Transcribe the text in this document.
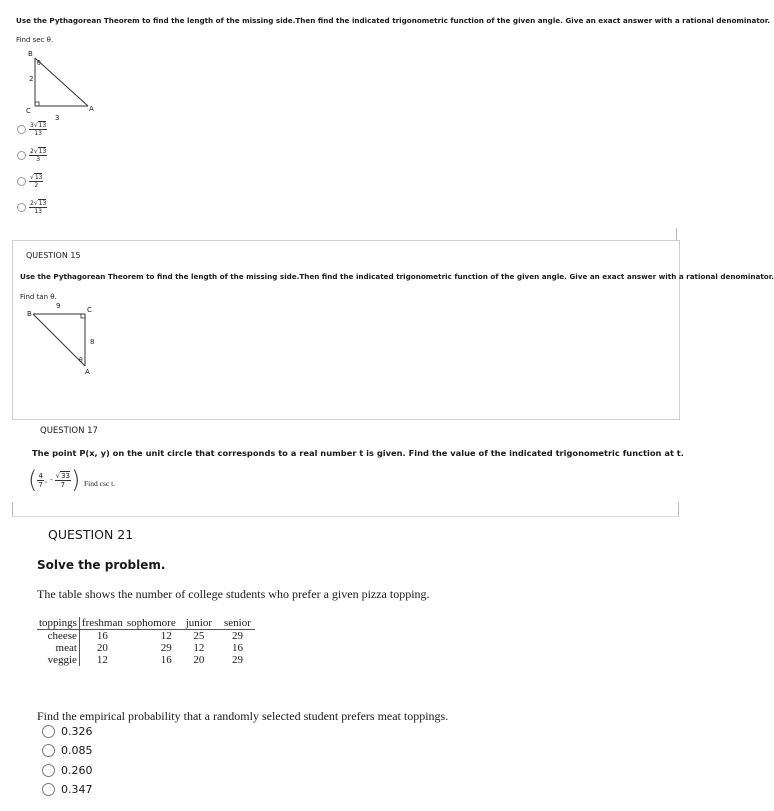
Use the Pythagorean Theorem to find the length of the missing side.Then find the indicated trigonometric function of the given angle. Give an exact answer with a rational denominator.
Find sec θ.
B
θ
2
C	A
3
$\frac{3√13}{13}$
$\frac{2√13}{3}$
$\frac{√13}{2}$
$\frac{2√13}{13}$
QUESTION 15
Use the Pythagorean Theorem to find the length of the missing side.Then find the indicated trigonometric function of the given angle. Give an exact answer with a rational denominator.
Find tan θ.
B
9	C
8
θ
A
QUESTION 17
The point P(x, y) on the unit circle that corresponds to a real number t is given. Find the value of the indicated trigonometric function at t.
( $\frac{4}{7}$ , - $\frac{√33}{7}$ ) Find csc t.
QUESTION 21
Solve the problem.
The table shows the number of college students who prefer a given pizza topping.
toppings	freshman	sophomore	junior	senior
cheese	16	12	25	29
meat	20	29	12	16
veggie	12	16	20	29
Find the empirical probability that a randomly selected student prefers meat toppings.
0.326
0.085
0.260
0.347
